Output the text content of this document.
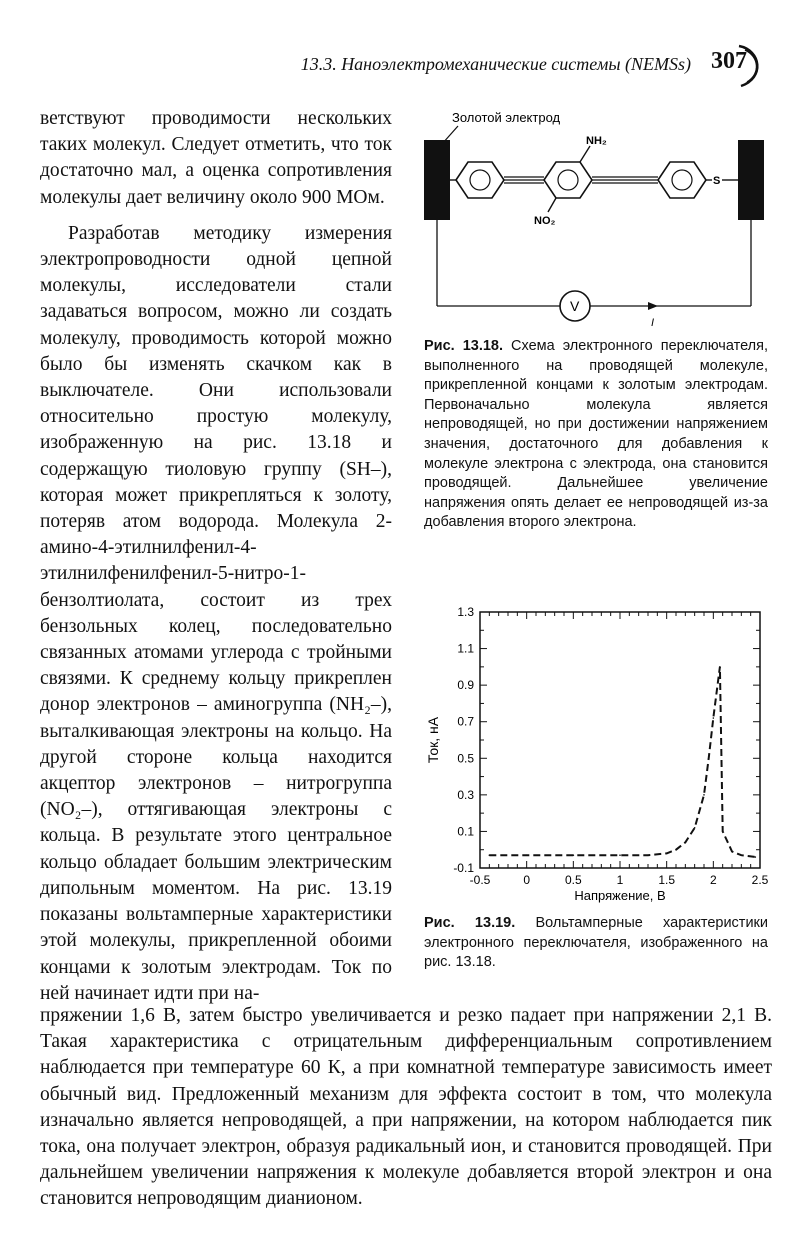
13.3. Наноэлектромеханические системы (NEMSs) 307

ветствуют проводимости нескольких таких молекул. Следует отметить, что ток достаточно мал, а оценка сопротивления молекулы дает величину около 900 МОм.

Разработав методику измерения электропроводности одной цепной молекулы, исследователи стали задаваться вопросом, можно ли создать молекулу, проводимость которой можно было бы изменять скачком как в выключателе. Они использовали относительно простую молекулу, изображенную на рис. 13.18 и содержащую тиоловую группу (SH–), которая может прикрепляться к золоту, потеряв атом водорода. Молекула 2-амино-4-этилнилфенил-4-этилнилфенилфенил-5-нитро-1-бензолтиолата, состоит из трех бензольных колец, последовательно связанных атомами углерода с тройными связями. К среднему кольцу прикреплен донор электронов – аминогруппа (NH₂–), выталкивающая электроны на кольцо. На другой стороне кольца находится акцептор электронов – нитрогруппа (NO₂–), оттягивающая электроны с кольца. В результате этого центральное кольцо обладает большим электрическим дипольным моментом. На рис. 13.19 показаны вольтамперные характеристики этой молекулы, прикрепленной обоими концами к золотым электродам. Ток по ней начинает идти при на-

пряжении 1,6 В, затем быстро увеличивается и резко падает при напряжении 2,1 В. Такая характеристика с отрицательным дифференциальным сопротивлением наблюдается при температуре 60 К, а при комнатной температуре зависимость имеет обычный вид. Предложенный механизм для эффекта состоит в том, что молекула изначально является непроводящей, а при напряжении, на котором наблюдается пик тока, она получает электрон, образуя радикальный ион, и становится проводящей. При дальнейшем увеличении напряжения к молекуле добавляется второй электрон и она становится непроводящим дианионом.
Золотой электрод
NH₂
NO₂
S
V
I
Рис. 13.18. Схема электронного переключателя, выполненного на проводящей молекуле, прикрепленной концами к золотым электродам. Первоначально молекула является непроводящей, но при достижении напряжением значения, достаточного для добавления к молекуле электрона с электрода, она становится проводящей. Дальнейшее увеличение напряжения опять делает ее непроводящей из-за добавления второго электрона.
-0.5	0	0.5	1	1.5	2	2.5
-0.1
0.1
0.3
0.5
0.7
0.9
1.1
1.3
Напряжение, В
Ток, нА
Рис. 13.19. Вольтамперные характеристики электронного переключателя, изображенного на рис. 13.18.
